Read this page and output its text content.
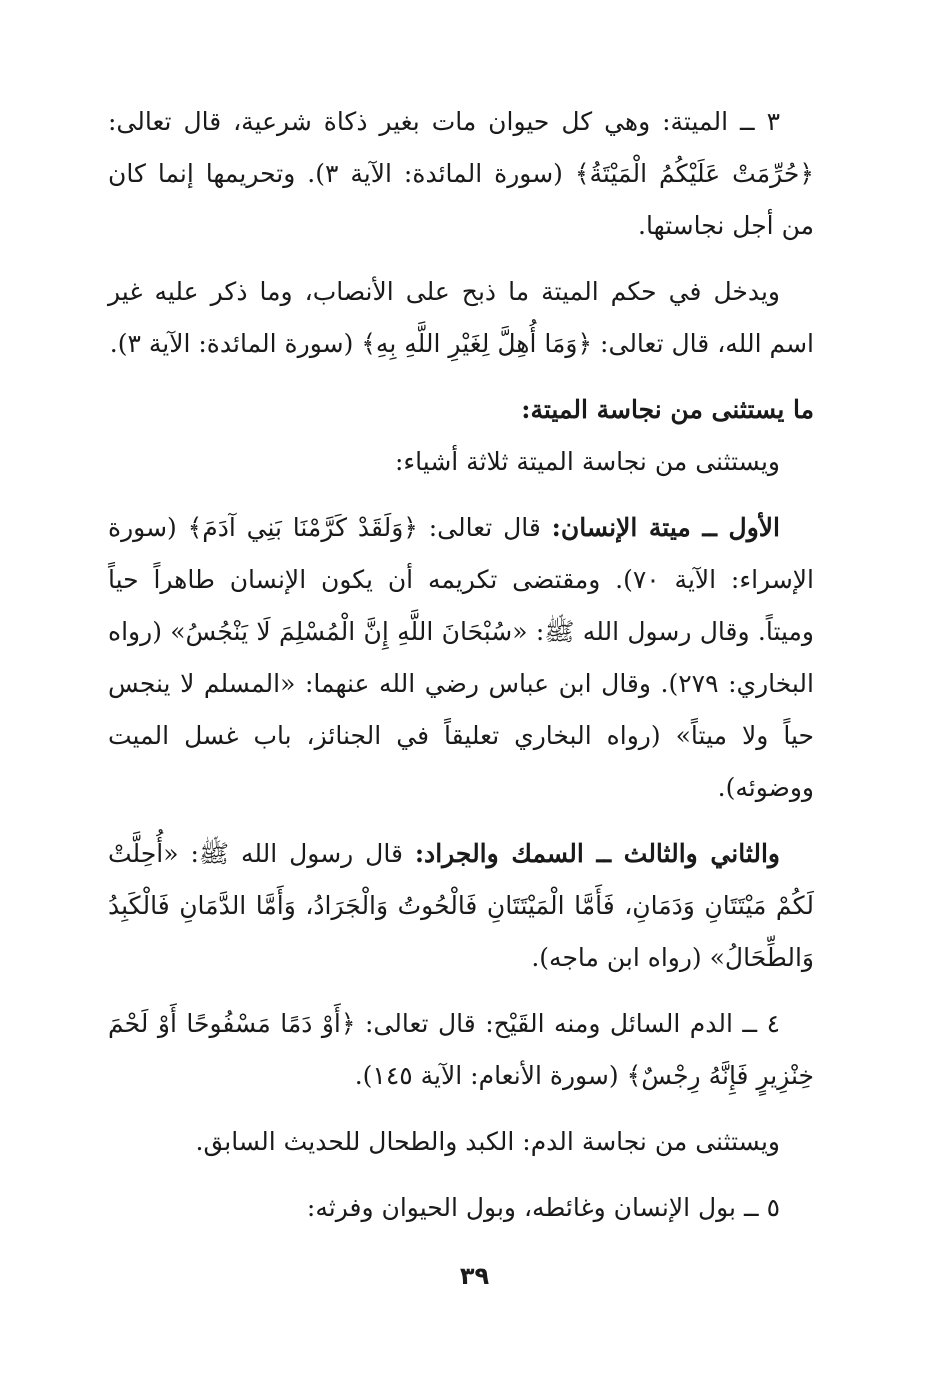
٣ ــ الميتة: وهي كل حيوان مات بغير ذكاة شرعية، قال تعالى: ﴿حُرِّمَتْ عَلَيْكُمُ الْمَيْتَةُ﴾ (سورة المائدة: الآية ٣). وتحريمها إنما كان من أجل نجاستها.

ويدخل في حكم الميتة ما ذبح على الأنصاب، وما ذكر عليه غير اسم الله، قال تعالى: ﴿وَمَا أُهِلَّ لِغَيْرِ اللَّهِ بِهِ﴾ (سورة المائدة: الآية ٣).

ما يستثنى من نجاسة الميتة:

ويستثنى من نجاسة الميتة ثلاثة أشياء:

الأول ــ ميتة الإنسان: قال تعالى: ﴿وَلَقَدْ كَرَّمْنَا بَنِي آدَمَ﴾ (سورة الإسراء: الآية ٧٠). ومقتضى تكريمه أن يكون الإنسان طاهراً حياً وميتاً. وقال رسول الله ﷺ: «سُبْحَانَ اللَّهِ إِنَّ الْمُسْلِمَ لَا يَنْجُسُ» (رواه البخاري: ٢٧٩). وقال ابن عباس رضي الله عنهما: «المسلم لا ينجس حياً ولا ميتاً» (رواه البخاري تعليقاً في الجنائز، باب غسل الميت ووضوئه).

والثاني والثالث ــ السمك والجراد: قال رسول الله ﷺ: «أُحِلَّتْ لَكُمْ مَيْتَتَانِ وَدَمَانِ، فَأَمَّا الْمَيْتَتَانِ فَالْحُوتُ وَالْجَرَادُ، وَأَمَّا الدَّمَانِ فَالْكَبِدُ وَالطِّحَالُ» (رواه ابن ماجه).

٤ ــ الدم السائل ومنه القَيْح: قال تعالى: ﴿أَوْ دَمًا مَسْفُوحًا أَوْ لَحْمَ خِنْزِيرٍ فَإِنَّهُ رِجْسٌ﴾ (سورة الأنعام: الآية ١٤٥).

ويستثنى من نجاسة الدم: الكبد والطحال للحديث السابق.

٥ ــ بول الإنسان وغائطه، وبول الحيوان وفرثه:

٣٩
